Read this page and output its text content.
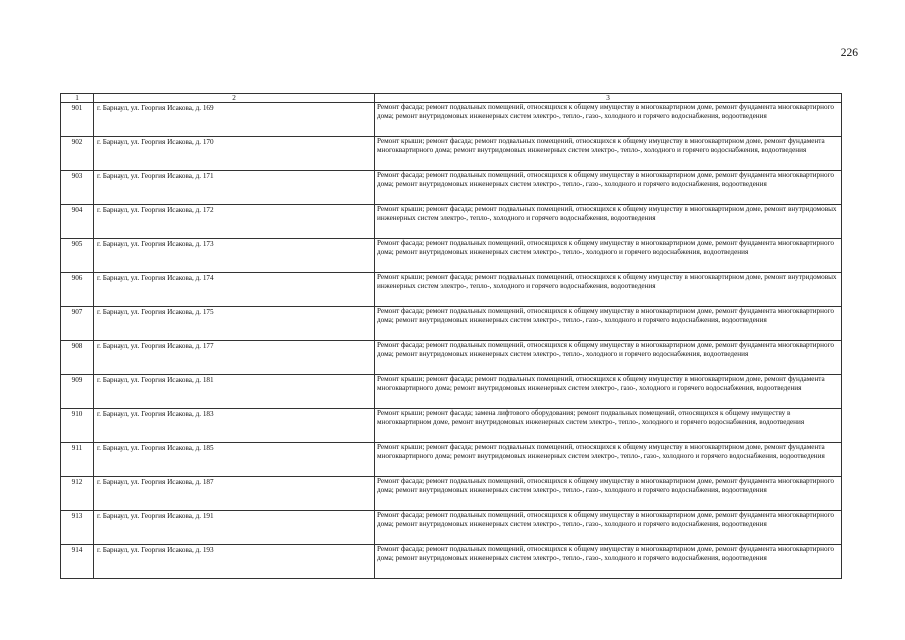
226
1	2	3
901	г. Барнаул, ул. Георгия Исакова, д. 169	Ремонт фасада; ремонт подвальных помещений, относящихся к общему имуществу в многоквартирном доме, ремонт фундамента многоквартирного дома; ремонт внутридомовых инженерных систем электро-, тепло-, газо-, холодного и горячего водоснабжения, водоотведения
902	г. Барнаул, ул. Георгия Исакова, д. 170	Ремонт крыши; ремонт фасада; ремонт подвальных помещений, относящихся к общему имуществу в многоквартирном доме, ремонт фундамента многоквартирного дома; ремонт внутридомовых инженерных систем электро-, тепло-, холодного и горячего водоснабжения, водоотведения
903	г. Барнаул, ул. Георгия Исакова, д. 171	Ремонт фасада; ремонт подвальных помещений, относящихся к общему имуществу в многоквартирном доме, ремонт фундамента многоквартирного дома; ремонт внутридомовых инженерных систем электро-, тепло-, газо-, холодного и горячего водоснабжения, водоотведения
904	г. Барнаул, ул. Георгия Исакова, д. 172	Ремонт крыши; ремонт фасада; ремонт подвальных помещений, относящихся к общему имуществу в многоквартирном доме, ремонт внутридомовых инженерных систем электро-, тепло-, холодного и горячего водоснабжения, водоотведения
905	г. Барнаул, ул. Георгия Исакова, д. 173	Ремонт фасада; ремонт подвальных помещений, относящихся к общему имуществу в многоквартирном доме, ремонт фундамента многоквартирного дома; ремонт внутридомовых инженерных систем электро-, тепло-, холодного и горячего водоснабжения, водоотведения
906	г. Барнаул, ул. Георгия Исакова, д. 174	Ремонт крыши; ремонт фасада; ремонт подвальных помещений, относящихся к общему имуществу в многоквартирном доме, ремонт внутридомовых инженерных систем электро-, тепло-, холодного и горячего водоснабжения, водоотведения
907	г. Барнаул, ул. Георгия Исакова, д. 175	Ремонт фасада; ремонт подвальных помещений, относящихся к общему имуществу в многоквартирном доме, ремонт фундамента многоквартирного дома; ремонт внутридомовых инженерных систем электро-, тепло-, газо-, холодного и горячего водоснабжения, водоотведения
908	г. Барнаул, ул. Георгия Исакова, д. 177	Ремонт фасада; ремонт подвальных помещений, относящихся к общему имуществу в многоквартирном доме, ремонт фундамента многоквартирного дома; ремонт внутридомовых инженерных систем электро-, тепло-, холодного и горячего водоснабжения, водоотведения
909	г. Барнаул, ул. Георгия Исакова, д. 181	Ремонт крыши; ремонт фасада; ремонт подвальных помещений, относящихся к общему имуществу в многоквартирном доме, ремонт фундамента многоквартирного дома; ремонт внутридомовых инженерных систем электро-, газо-, холодного и горячего водоснабжения, водоотведения
910	г. Барнаул, ул. Георгия Исакова, д. 183	Ремонт крыши; ремонт фасада; замена лифтового оборудования; ремонт подвальных помещений, относящихся к общему имуществу в многоквартирном доме, ремонт внутридомовых инженерных систем электро-, тепло-, холодного и горячего водоснабжения, водоотведения
911	г. Барнаул, ул. Георгия Исакова, д. 185	Ремонт крыши; ремонт фасада; ремонт подвальных помещений, относящихся к общему имуществу в многоквартирном доме, ремонт фундамента многоквартирного дома; ремонт внутридомовых инженерных систем электро-, тепло-, газо-, холодного и горячего водоснабжения, водоотведения
912	г. Барнаул, ул. Георгия Исакова, д. 187	Ремонт фасада; ремонт подвальных помещений, относящихся к общему имуществу в многоквартирном доме, ремонт фундамента многоквартирного дома; ремонт внутридомовых инженерных систем электро-, тепло-, газо-, холодного и горячего водоснабжения, водоотведения
913	г. Барнаул, ул. Георгия Исакова, д. 191	Ремонт фасада; ремонт подвальных помещений, относящихся к общему имуществу в многоквартирном доме, ремонт фундамента многоквартирного дома; ремонт внутридомовых инженерных систем электро-, тепло-, газо-, холодного и горячего водоснабжения, водоотведения
914	г. Барнаул, ул. Георгия Исакова, д. 193	Ремонт фасада; ремонт подвальных помещений, относящихся к общему имуществу в многоквартирном доме, ремонт фундамента многоквартирного дома; ремонт внутридомовых инженерных систем электро-, тепло-, газо-, холодного и горячего водоснабжения, водоотведения
